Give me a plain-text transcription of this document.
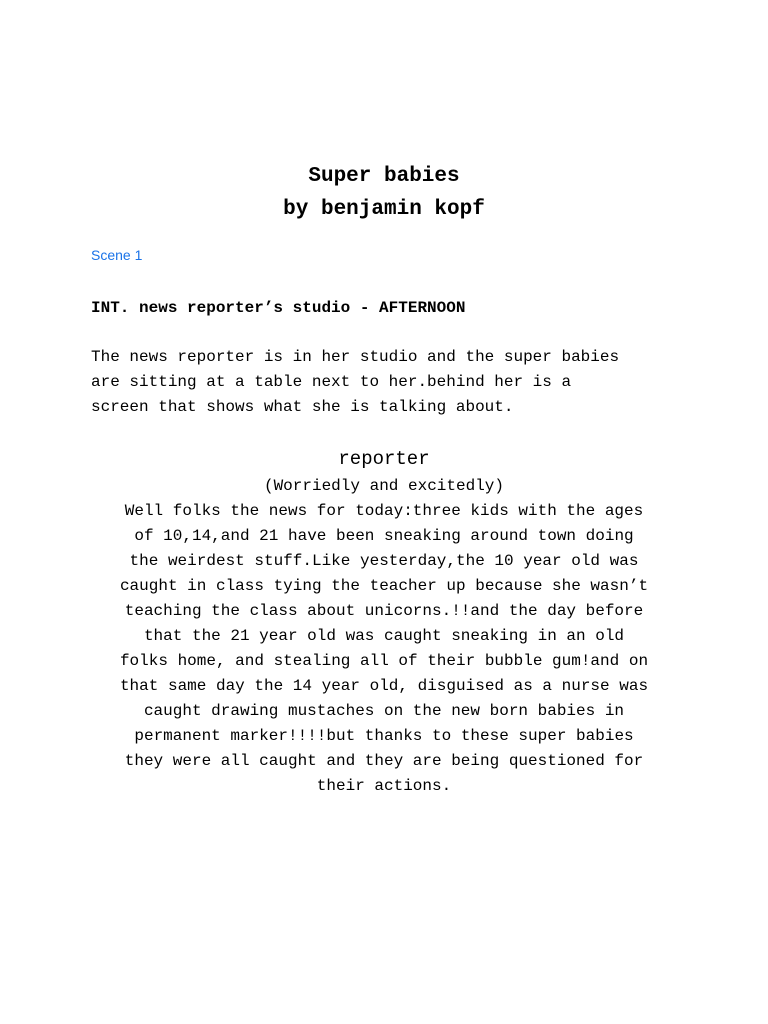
Super babies
by benjamin kopf
Scene 1
INT. news reporter’s studio - AFTERNOON
The news reporter is in her studio and the super babies
are sitting at a table next to her.behind her is a
screen that shows what she is talking about.
reporter
(Worriedly and excitedly)
Well folks the news for today:three kids with the ages
of 10,14,and 21 have been sneaking around town doing
the weirdest stuff.Like yesterday,the 10 year old was
caught in class tying the teacher up because she wasn’t
teaching the class about unicorns.!!and the day before
that the 21 year old was caught sneaking in an old
folks home, and stealing all of their bubble gum!and on
that same day the 14 year old, disguised as a nurse was
caught drawing mustaches on the new born babies in
permanent marker!!!!but thanks to these super babies
they were all caught and they are being questioned for
their actions.
